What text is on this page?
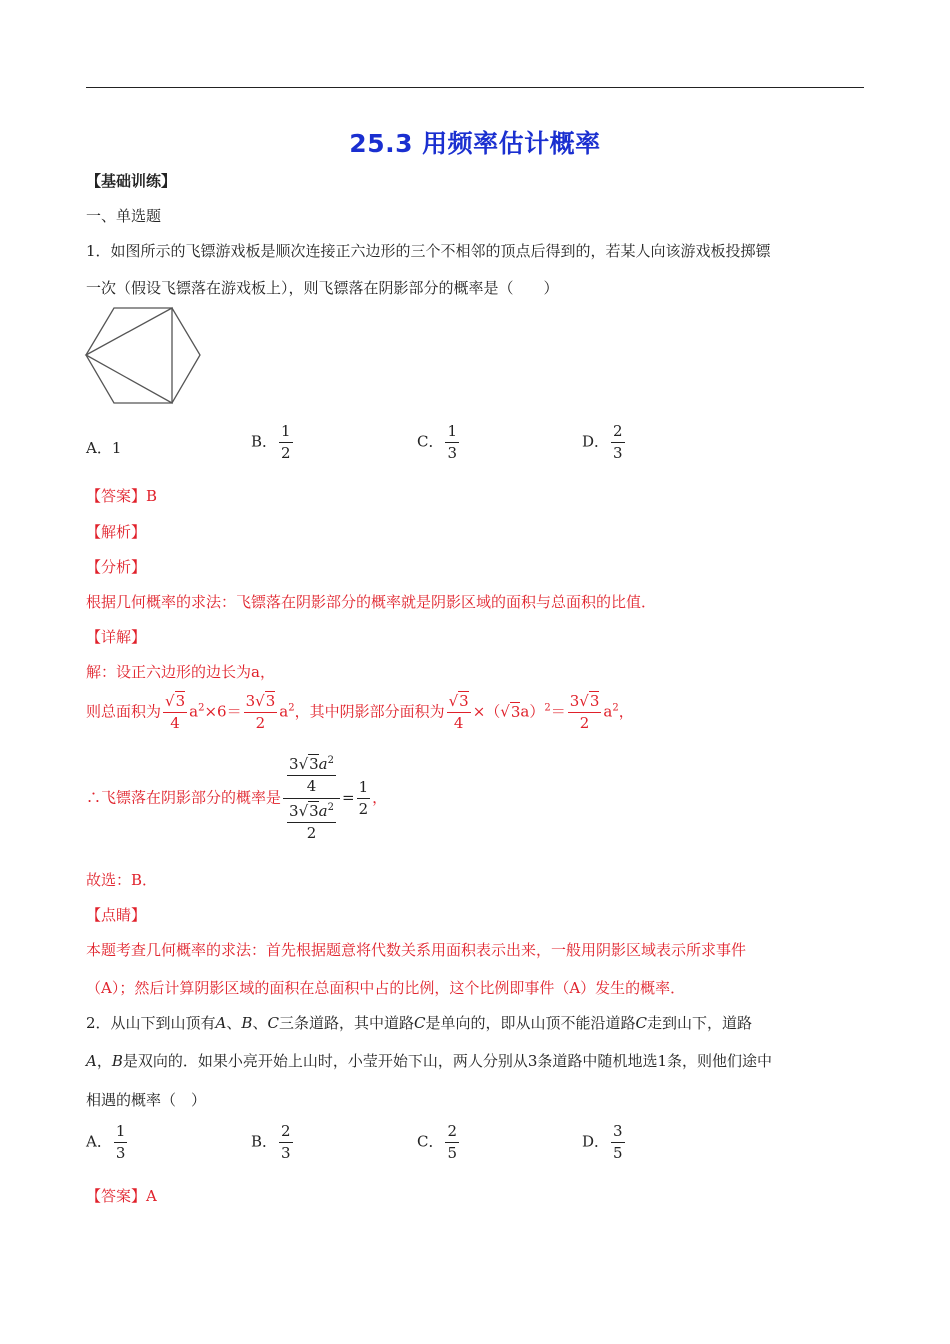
25.3 用频率估计概率
【基础训练】
一、单选题
1．如图所示的飞镖游戏板是顺次连接正六边形的三个不相邻的顶点后得到的，若某人向该游戏板投掷镖
一次（假设飞镖落在游戏板上），则飞镖落在阴影部分的概率是（　　）
A．1	B． $\frac{1}{2}$	C． $\frac{1}{3}$	D． $\frac{2}{3}$
【答案】B
【解析】
【分析】
根据几何概率的求法：飞镖落在阴影部分的概率就是阴影区域的面积与总面积的比值．
【详解】
解：设正六边形的边长为a，
则总面积为 $\frac{√3}{4} a^2\times 6= \frac{3√3}{2} a^2$，其中阴影部分面积为 $\frac{√3}{4} \times(√3a)^2= \frac{3√3}{2} a^2$，
∴飞镖落在阴影部分的概率是 $\frac{\frac{3√3a^2}{4}}{\frac{3√3a^2}{2}} = \frac{1}{2}$ ，
故选：B．
【点睛】
本题考查几何概率的求法：首先根据题意将代数关系用面积表示出来，一般用阴影区域表示所求事件
（A）；然后计算阴影区域的面积在总面积中占的比例，这个比例即事件（A）发生的概率．
2．从山下到山顶有A、B、C三条道路，其中道路C是单向的，即从山顶不能沿道路C走到山下，道路
A，B是双向的．如果小亮开始上山时，小莹开始下山，两人分别从3条道路中随机地选1条，则他们途中
相遇的概率（　）
A． $\frac{1}{3}$	B． $\frac{2}{3}$	C． $\frac{2}{5}$	D． $\frac{3}{5}$
【答案】A
